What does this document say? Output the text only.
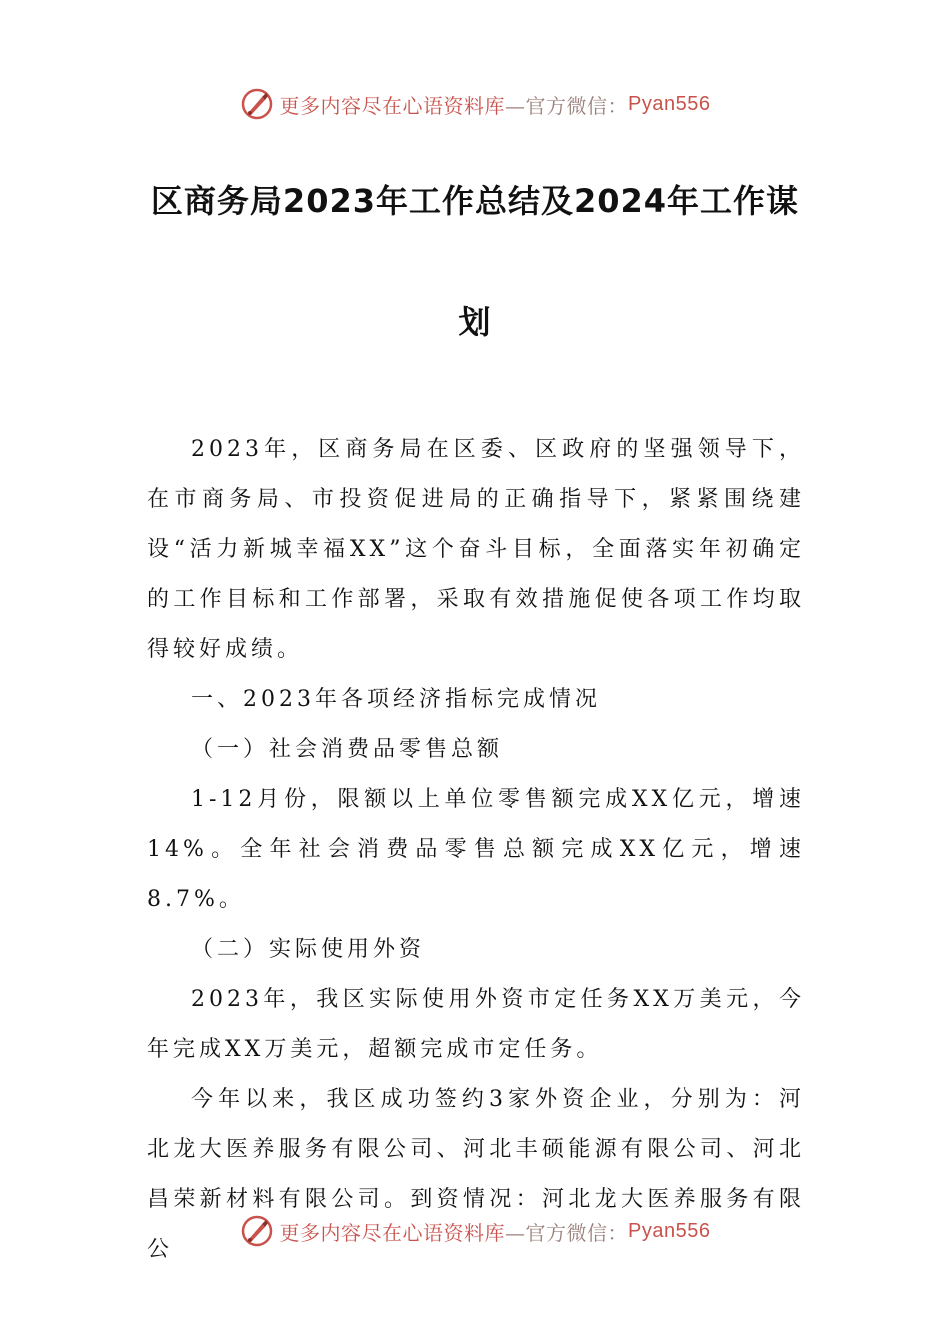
更多内容尽在心语资料库 —官方微信： Pyan556
区商务局2023年工作总结及2024年工作谋
划

2023年，区商务局在区委、区政府的坚强领导下，在市商务局、市投资促进局的正确指导下，紧紧围绕建设“活力新城幸福XX”这个奋斗目标，全面落实年初确定的工作目标和工作部署，采取有效措施促使各项工作均取得较好成绩。

一、2023年各项经济指标完成情况

（一）社会消费品零售总额

1-12月份，限额以上单位零售额完成XX亿元，增速14%。全年社会消费品零售总额完成XX亿元，增速8.7%。

（二）实际使用外资

2023年，我区实际使用外资市定任务XX万美元，今年完成XX万美元，超额完成市定任务。

今年以来，我区成功签约3家外资企业，分别为：河北龙大医养服务有限公司、河北丰硕能源有限公司、河北昌荣新材料有限公司。到资情况：河北龙大医养服务有限公

更多内容尽在心语资料库 —官方微信： Pyan556
